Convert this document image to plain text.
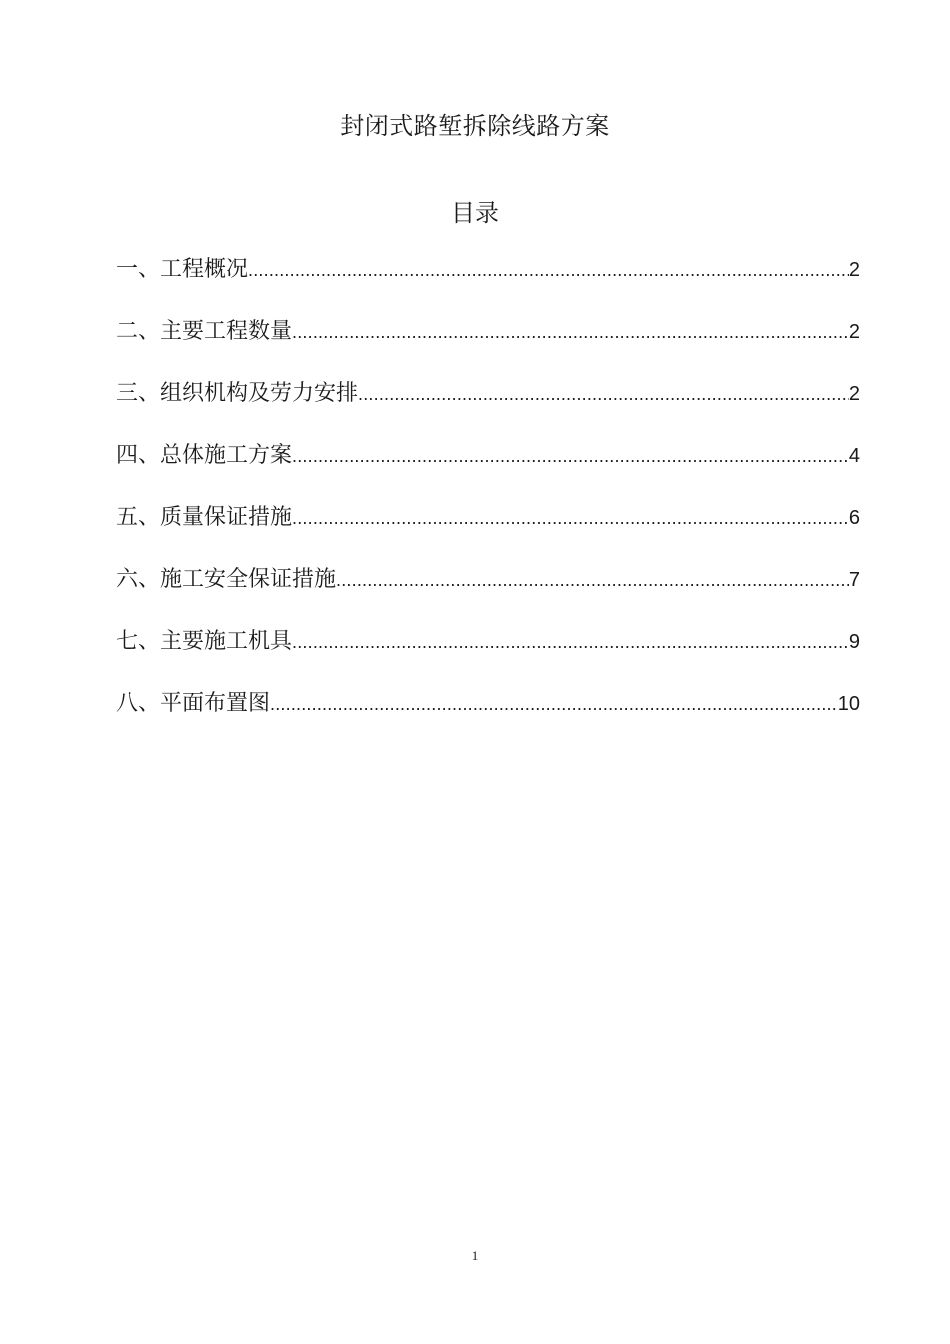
封闭式路堑拆除线路方案
目录
一、工程概况 .....	2
二、主要工程数量 .....	2
三、组织机构及劳力安排 .....	2
四、总体施工方案 .....	4
五、质量保证措施 .....	6
六、施工安全保证措施 .....	7
七、主要施工机具 .....	9
八、平面布置图 .....	10
1
